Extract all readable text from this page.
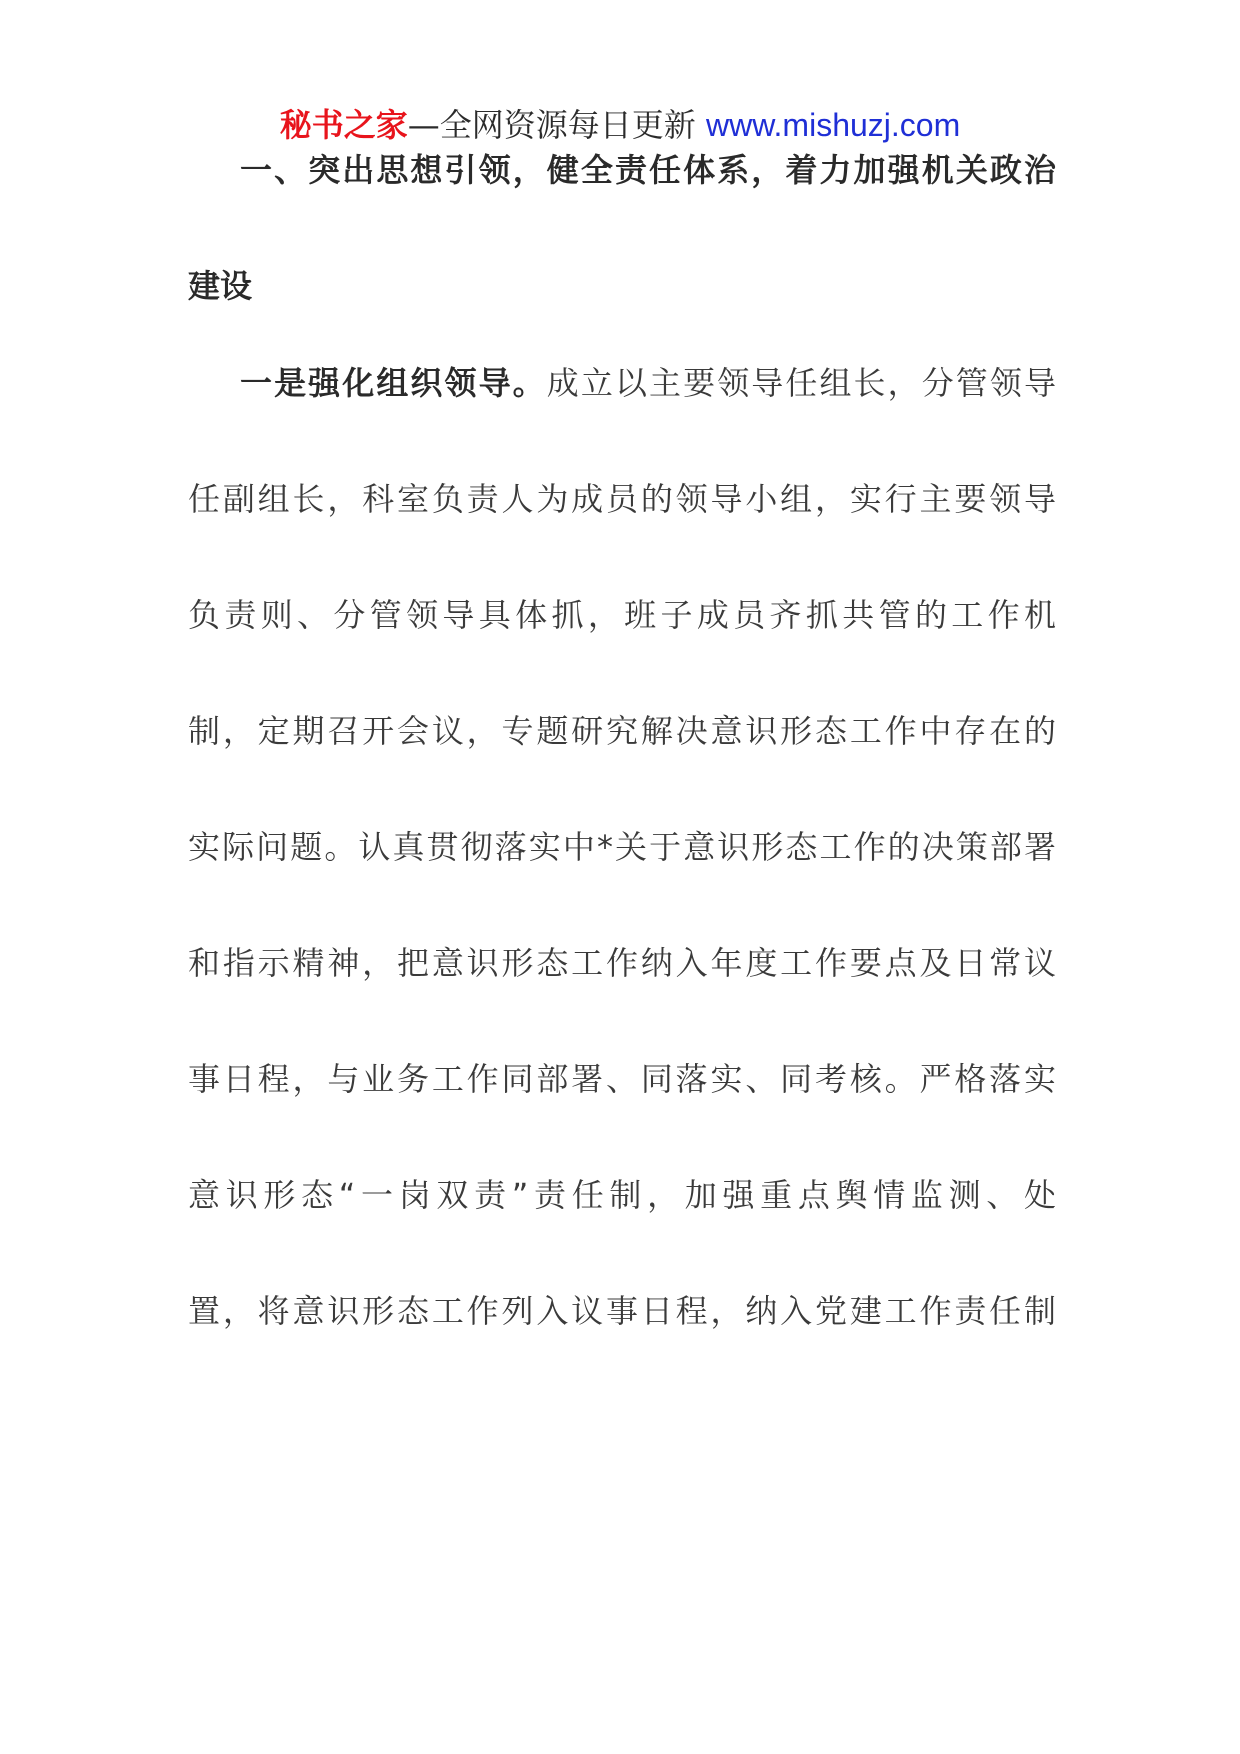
秘书之家—全网资源每日更新 www.mishuzj.com
一、突出思想引领，健全责任体系，着力加强机关政治
建设
一是强化组织领导。成立以主要领导任组长，分管领导
任副组长，科室负责人为成员的领导小组，实行主要领导
负责则、分管领导具体抓，班子成员齐抓共管的工作机
制，定期召开会议，专题研究解决意识形态工作中存在的
实际问题。认真贯彻落实中*关于意识形态工作的决策部署
和指示精神，把意识形态工作纳入年度工作要点及日常议
事日程，与业务工作同部署、同落实、同考核。严格落实
意识形态“一岗双责”责任制，加强重点舆情监测、处
置，将意识形态工作列入议事日程，纳入党建工作责任制
